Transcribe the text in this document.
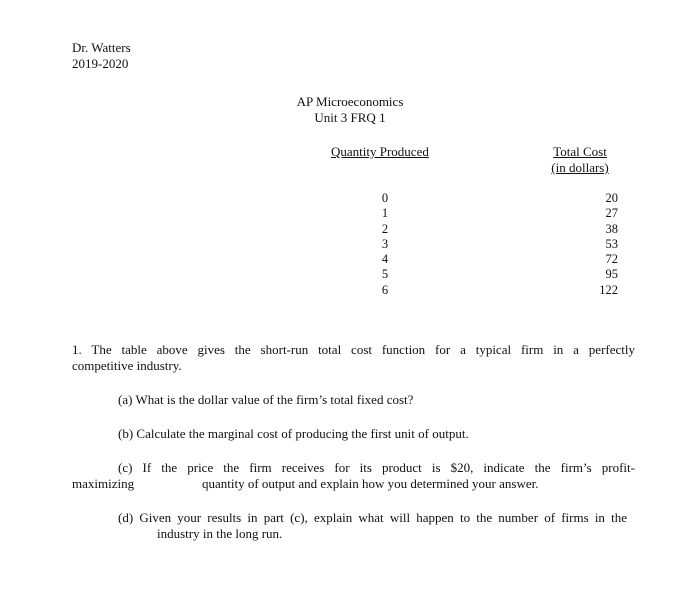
Dr. Watters
2019-2020
AP Microeconomics
Unit 3 FRQ 1
Quantity Produced	Total Cost
(in dollars)
0
1
2
3
4
5
6
20
27
38
53
72
95
122
1. The table above gives the short-run total cost function for a typical firm in a perfectly
competitive industry.
(a) What is the dollar value of the firm’s total fixed cost?
(b) Calculate the marginal cost of producing the first unit of output.
(c) If the price the firm receives for its product is $20, indicate the firm’s profit-
maximizing	quantity of output and explain how you determined your answer.
(d) Given your results in part (c), explain what will happen to the number of firms in the
industry in the long run.
